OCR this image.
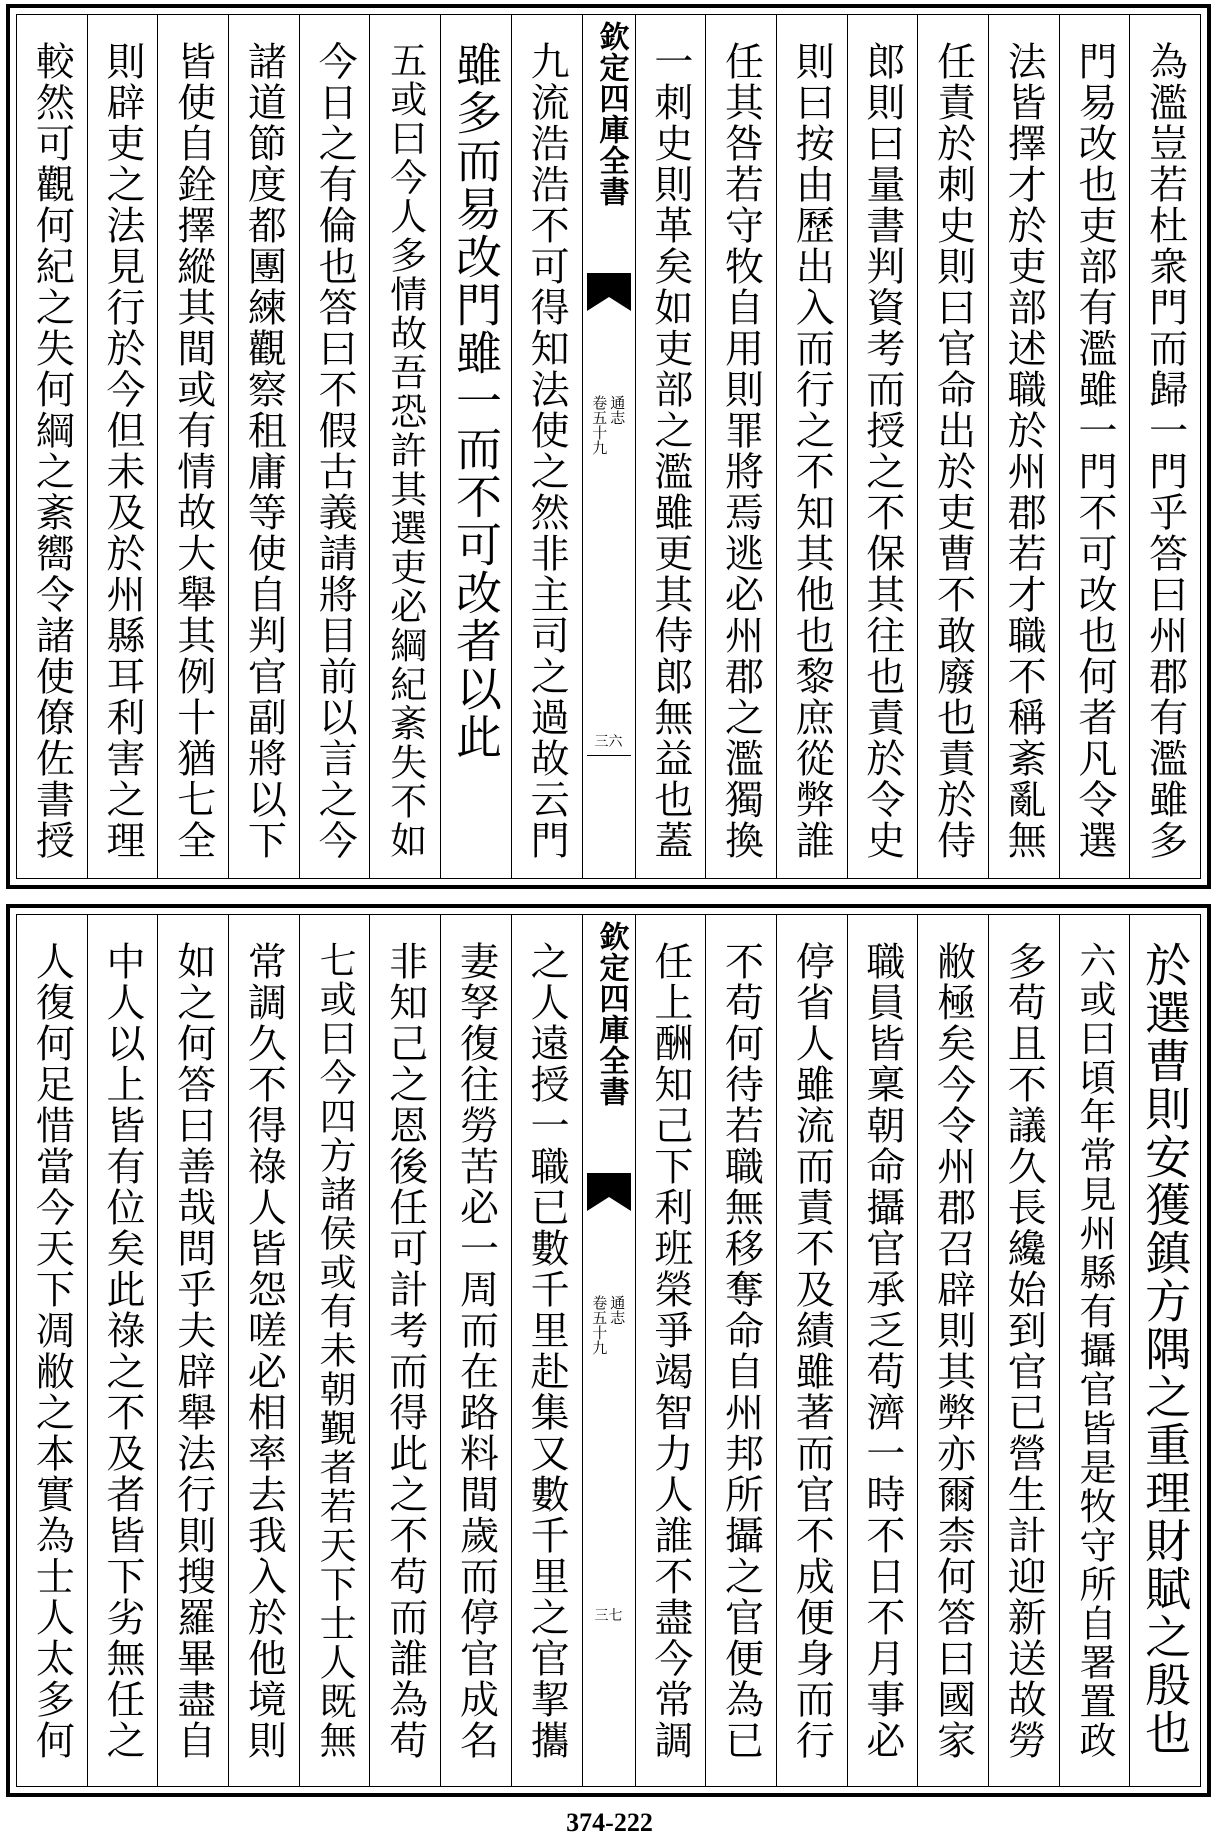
為濫豈若杜衆門而歸一門乎答曰州郡有濫雖多
門易改也吏部有濫雖一門不可改也何者凡令選
法皆擇才於吏部述職於州郡若才職不稱紊亂無
任責於刺史則曰官命出於吏曹不敢廢也責於侍
郎則曰量書判資考而授之不保其往也責於令史
則曰按由歷出入而行之不知其他也黎庶從弊誰
任其咎若守牧自用則罪將焉逃必州郡之濫獨換
一刺史則革矣如吏部之濫雖更其侍郎無益也蓋
欽定四庫全書
通志
卷五十九
三六
九流浩浩不可得知法使之然非主司之過故云門
雖多而易改門雖一而不可改者以此
五或曰今人多情故吾恐許其選吏必綱紀紊失不如
今日之有倫也答曰不假古義請將目前以言之今
諸道節度都團練觀察租庸等使自判官副將以下
皆使自銓擇縱其間或有情故大舉其例十猶七全
則辟吏之法見行於今但未及於州縣耳利害之理
較然可觀何紀之失何綱之紊嚮令諸使僚佐書授
於選曹則安獲鎮方隅之重理財賦之殷也
六或曰頃年常見州縣有攝官皆是牧守所自署置政
多苟且不議久長纔始到官已營生計迎新送故勞
敝極矣今令州郡召辟則其弊亦爾柰何答曰國家
職員皆稟朝命攝官承乏苟濟一時不日不月事必
停省人雖流而責不及績雖著而官不成便身而行
不苟何待若職無移奪命自州邦所攝之官便為已
任上酬知己下利班榮爭竭智力人誰不盡今常調
欽定四庫全書
通志
卷五十九
三七
之人遠授一職已數千里赴集又數千里之官挈攜
妻孥復往勞苦必一周而在路料間歲而停官成名
非知己之恩後任可計考而得此之不苟而誰為苟
七或曰今四方諸侯或有未朝覲者若天下士人既無
常調久不得祿人皆怨嗟必相率去我入於他境則
如之何答曰善哉問乎夫辟舉法行則搜羅畢盡自
中人以上皆有位矣此祿之不及者皆下劣無任之
人復何足惜當今天下凋敝之本實為士人太多何
374-222
